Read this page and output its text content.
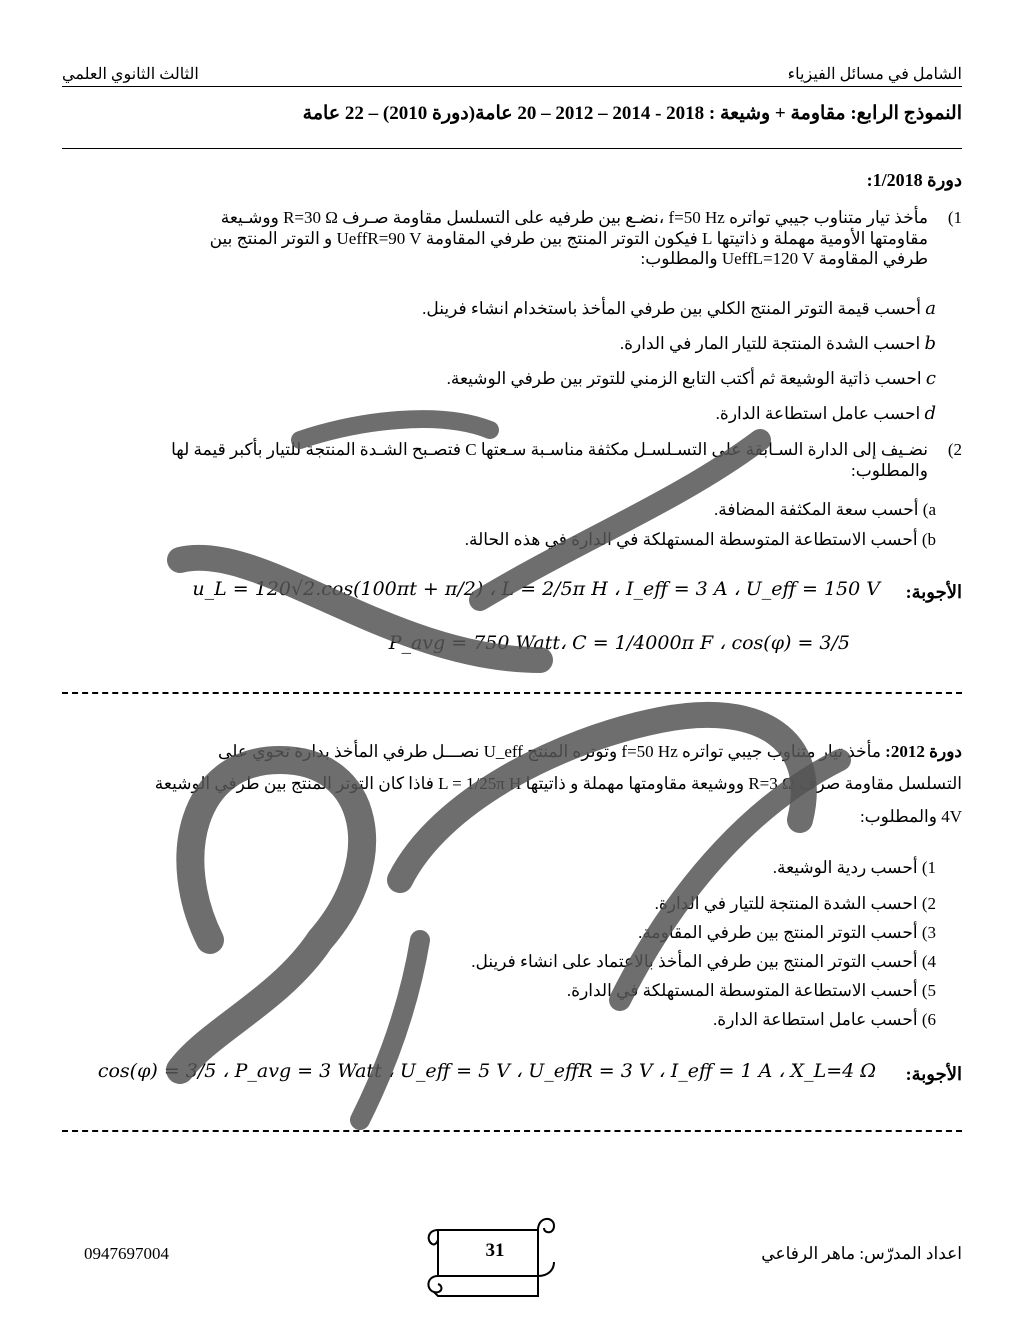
الشامل في مسائل الفيزياء
الثالث الثانوي العلمي
النموذج الرابع: مقاومة + وشيعة : 2018 - 2014 – 2012 – 20 عامة(دورة 2010) – 22 عامة
دورة 1/2018:
1)
مأخذ تيار متناوب جيبي تواتره f=50 Hz ،نضـع بين طرفيه على التسلسل مقاومة صـرف R=30 Ω ووشـيعة
مقاومتها الأومية مهملة و ذاتيتها L فيكون التوتر المنتج بين طرفي المقاومة UeffR=90 V و التوتر المنتج بين
طرفي المقاومة UeffL=120 V والمطلوب:
a أحسب قيمة التوتر المنتج الكلي بين طرفي المأخذ باستخدام انشاء فرينل.
b احسب الشدة المنتجة للتيار المار في الدارة.
c احسب ذاتية الوشيعة ثم أكتب التابع الزمني للتوتر بين طرفي الوشيعة.
d احسب عامل استطاعة الدارة.
2)
نضـيف إلى الدارة السـابقة على التسـلسـل مكثفة مناسـبة سـعتها C فتصـبح الشـدة المنتجة للتيار بأكبر قيمة لها
والمطلوب:
a) أحسب سعة المكثفة المضافة.
b) أحسب الاستطاعة المتوسطة المستهلكة في الدارة في هذه الحالة.
الأجوبة:
u_L = 120√2.cos(100πt + π/2) ، L = 2/5π H ، I_eff = 3 A ، U_eff = 150 V
P_avg = 750 Watt، C = 1/4000π F ، cos(φ) = 3/5
دورة 2012: مأخذ تيار متناوب جيبي تواتره f=50 Hz وتوتره المنتج U_eff نصـــل طرفي المأخذ بدارة تحوي على
التسلسل مقاومة صرف R=3 Ω ووشيعة مقاومتها مهملة و ذاتيتها L = 1/25π H فاذا كان التوتر المنتج بين طرفي الوشيعة
4V والمطلوب:
1) أحسب ردية الوشيعة.
2) احسب الشدة المنتجة للتيار في الدارة.
3) أحسب التوتر المنتج بين طرفي المقاومة.
4) أحسب التوتر المنتج بين طرفي المأخذ بالاعتماد على انشاء فرينل.
5) أحسب الاستطاعة المتوسطة المستهلكة في الدارة.
6) أحسب عامل استطاعة الدارة.
الأجوبة:
cos(φ) = 3/5 ، P_avg = 3 Watt ، U_eff = 5 V ، U_effR = 3 V ، I_eff = 1 A ، X_L=4 Ω
ماهر الرفاعي
اعداد المدرّس: ماهر الرفاعي
0947697004	31
